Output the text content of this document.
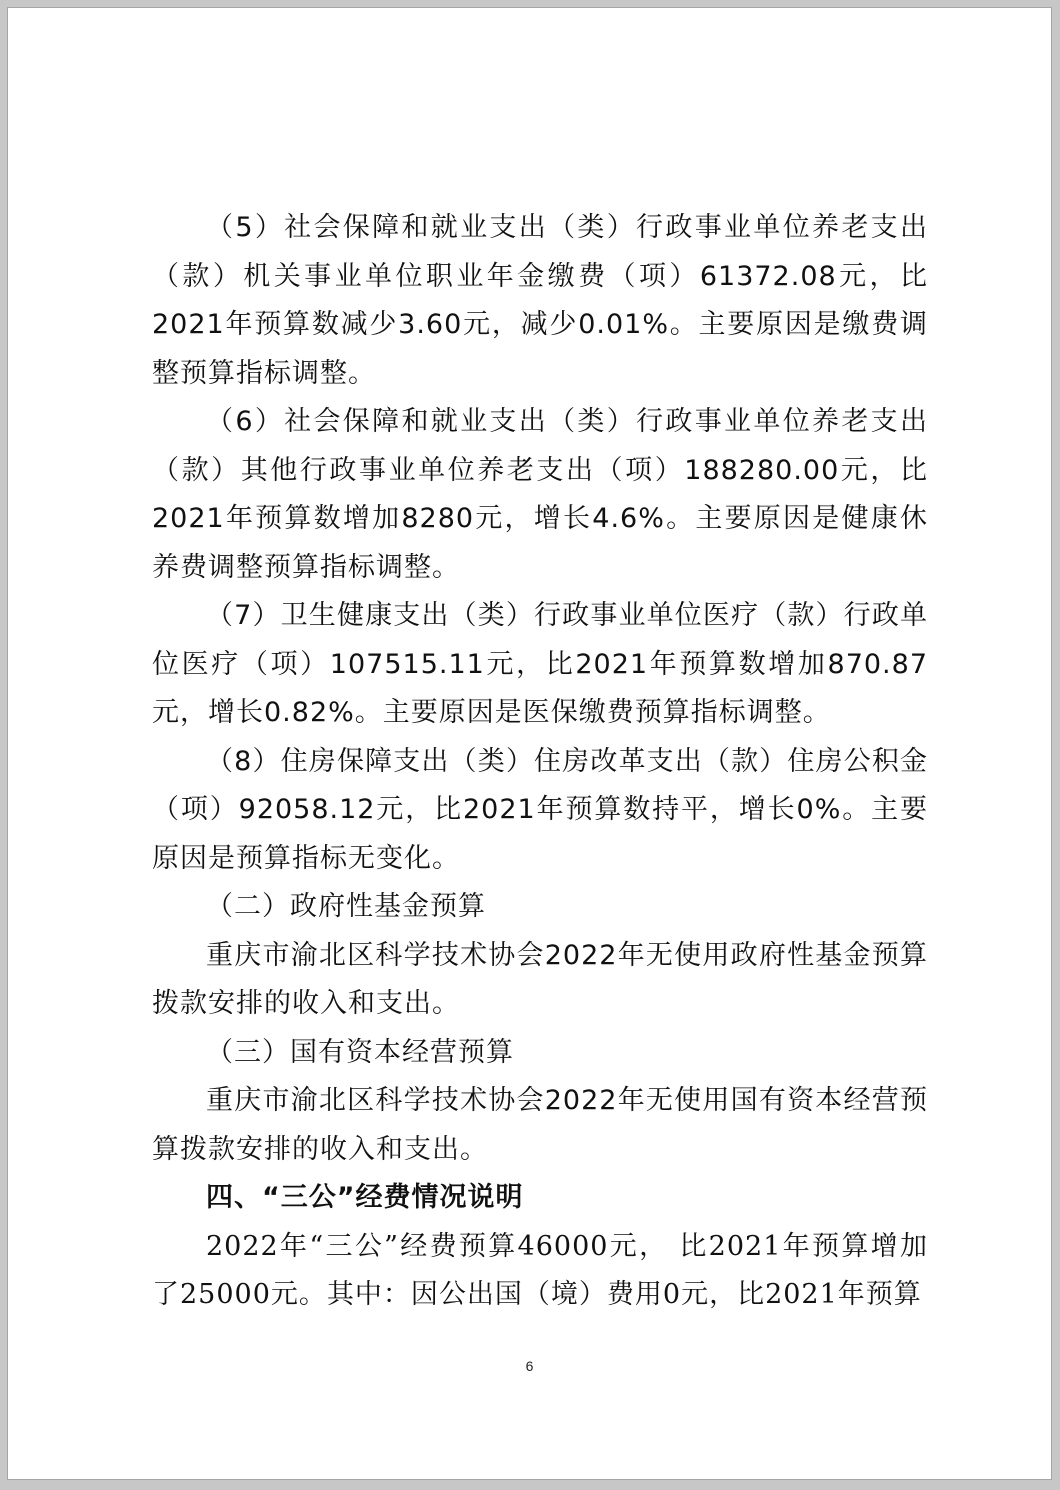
（5）社会保障和就业支出（类）行政事业单位养老支出（款）机关事业单位职业年金缴费（项）61372.08元，比2021年预算数减少3.60元，减少0.01%。主要原因是缴费调整预算指标调整。

（6）社会保障和就业支出（类）行政事业单位养老支出（款）其他行政事业单位养老支出（项）188280.00元，比2021年预算数增加8280元，增长4.6%。主要原因是健康休养费调整预算指标调整。

（7）卫生健康支出（类）行政事业单位医疗（款）行政单位医疗（项）107515.11元，比2021年预算数增加870.87元，增长0.82%。主要原因是医保缴费预算指标调整。

（8）住房保障支出（类）住房改革支出（款）住房公积金（项）92058.12元，比2021年预算数持平，增长0%。主要原因是预算指标无变化。

（二）政府性基金预算

重庆市渝北区科学技术协会2022年无使用政府性基金预算拨款安排的收入和支出。

（三）国有资本经营预算

重庆市渝北区科学技术协会2022年无使用国有资本经营预算拨款安排的收入和支出。

四、“三公”经费情况说明

2022年“三公”经费预算46000元， 比2021年预算增加了25000元。其中：因公出国（境）费用0元，比2021年预算

6
